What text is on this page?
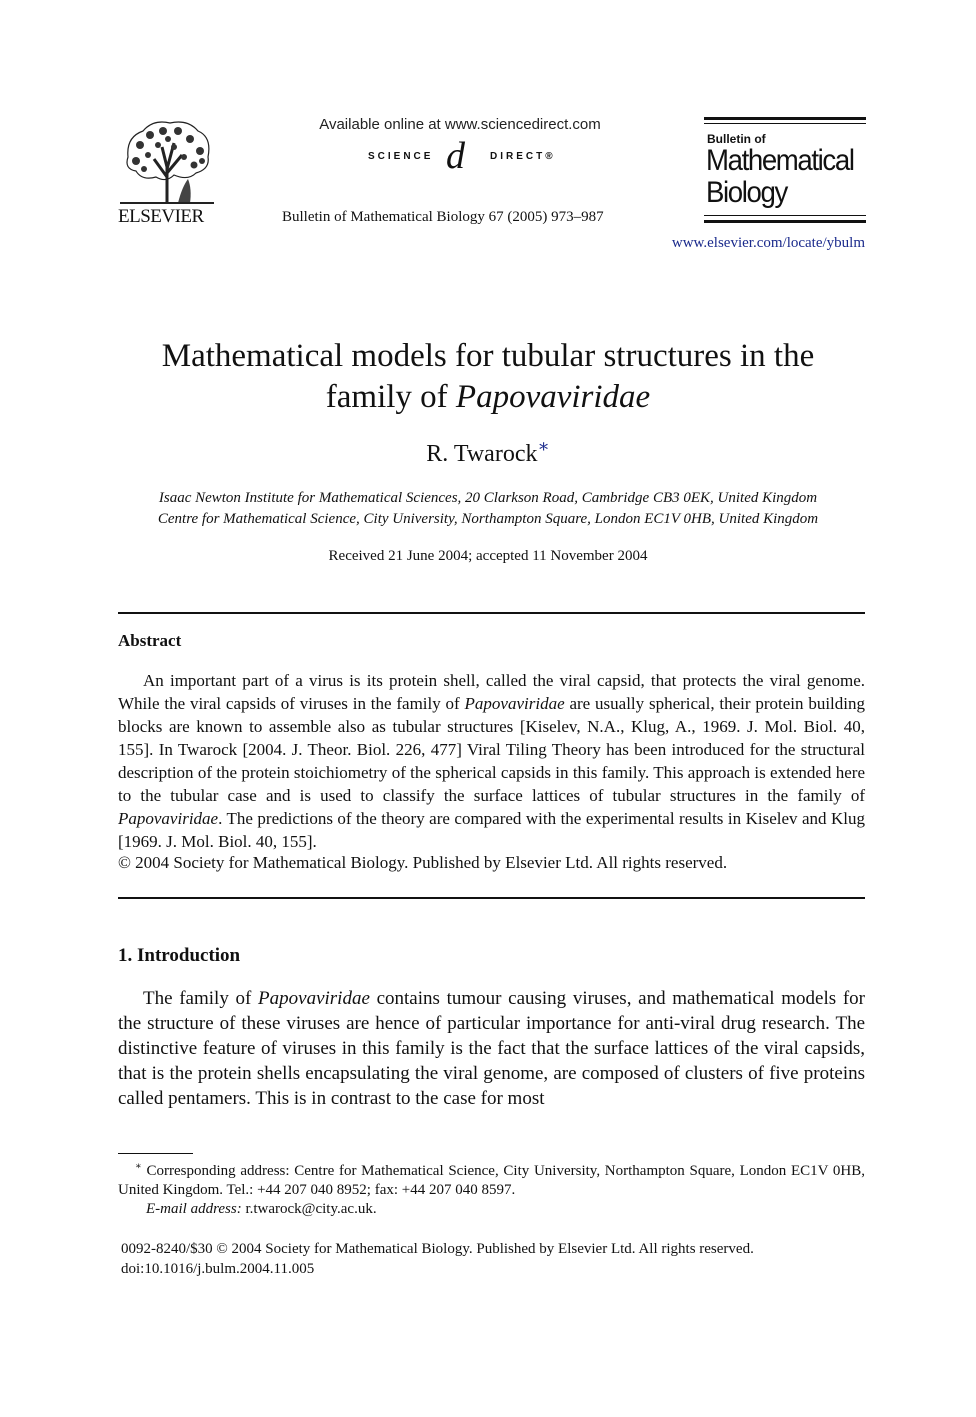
ELSEVIER
Available online at www.sciencedirect.com
SCIENCE d	DIRECT®
Bulletin of Mathematical Biology 67 (2005) 973–987
Bulletin of
Mathematical
Biology
www.elsevier.com/locate/ybulm
Mathematical models for tubular structures in the
family of Papovaviridae
R. Twarock∗
Isaac Newton Institute for Mathematical Sciences, 20 Clarkson Road, Cambridge CB3 0EK, United Kingdom
Centre for Mathematical Science, City University, Northampton Square, London EC1V 0HB, United Kingdom
Received 21 June 2004; accepted 11 November 2004
Abstract

An important part of a virus is its protein shell, called the viral capsid, that protects the viral genome. While the viral capsids of viruses in the family of Papovaviridae are usually spherical, their protein building blocks are known to assemble also as tubular structures [Kiselev, N.A., Klug, A., 1969. J. Mol. Biol. 40, 155]. In Twarock [2004. J. Theor. Biol. 226, 477] Viral Tiling Theory has been introduced for the structural description of the protein stoichiometry of the spherical capsids in this family. This approach is extended here to the tubular case and is used to classify the surface lattices of tubular structures in the family of Papovaviridae. The predictions of the theory are compared with the experimental results in Kiselev and Klug [1969. J. Mol. Biol. 40, 155].

© 2004 Society for Mathematical Biology. Published by Elsevier Ltd. All rights reserved.
1. Introduction

The family of Papovaviridae contains tumour causing viruses, and mathematical models for the structure of these viruses are hence of particular importance for anti-viral drug research. The distinctive feature of viruses in this family is the fact that the surface lattices of the viral capsids, that is the protein shells encapsulating the viral genome, are composed of clusters of five proteins called pentamers. This is in contrast to the case for most

∗ Corresponding address: Centre for Mathematical Science, City University, Northampton Square, London EC1V 0HB, United Kingdom. Tel.: +44 207 040 8952; fax: +44 207 040 8597.

E-mail address: r.twarock@city.ac.uk.

0092-8240/$30 © 2004 Society for Mathematical Biology. Published by Elsevier Ltd. All rights reserved.
doi:10.1016/j.bulm.2004.11.005
